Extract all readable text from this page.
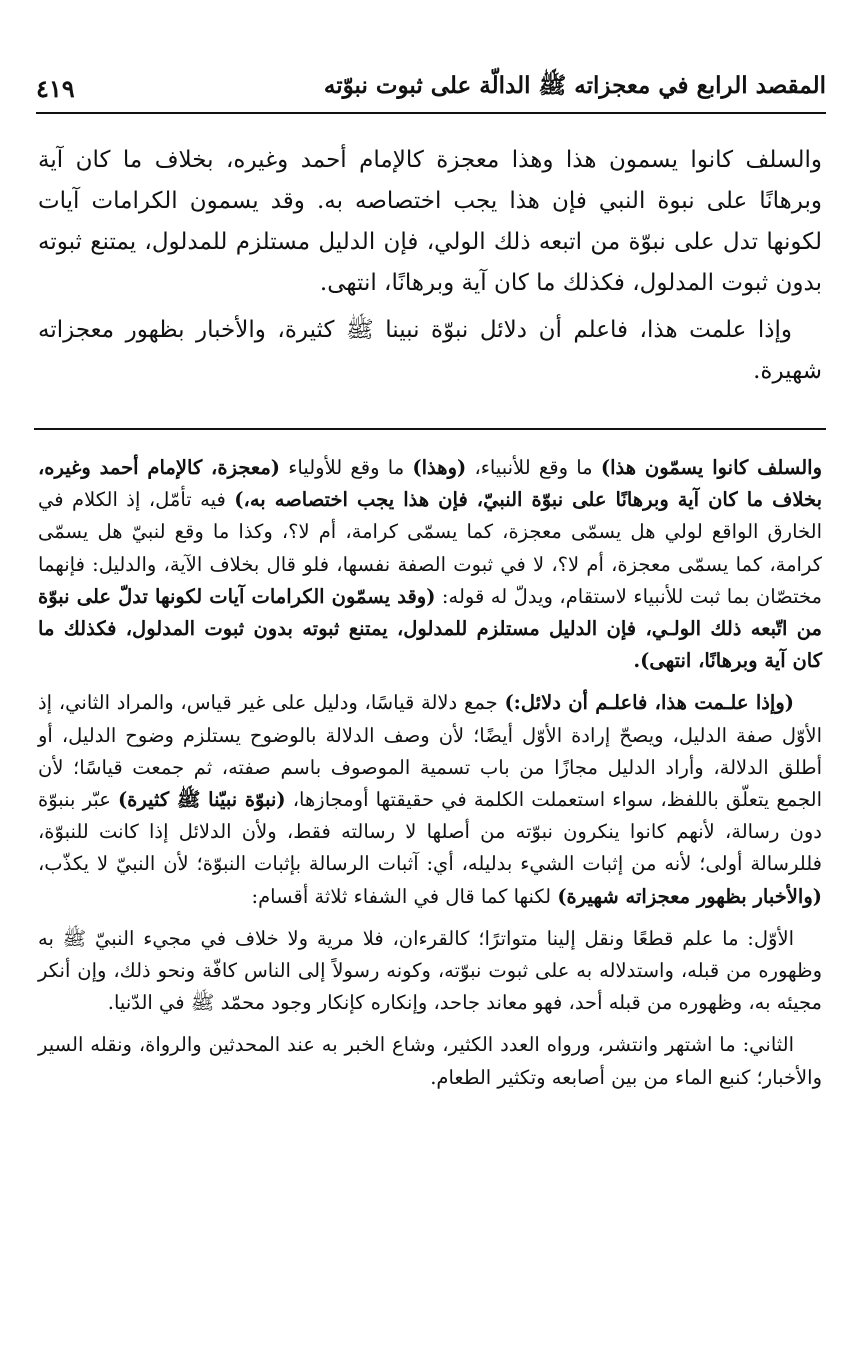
المقصد الرابع في معجزاته ﷺ الدالّة على ثبوت نبوّته
٤١٩

والسلف كانوا يسمون هذا وهذا معجزة كالإمام أحمد وغيره، بخلاف ما كان آية وبرهانًا على نبوة النبي فإن هذا يجب اختصاصه به. وقد يسمون الكرامات آيات لكونها تدل على نبوّة من اتبعه ذلك الولي، فإن الدليل مستلزم للمدلول، يمتنع ثبوته بدون ثبوت المدلول، فكذلك ما كان آية وبرهانًا، انتهى.

وإذا علمت هذا، فاعلم أن دلائل نبوّة نبينا ﷺ كثيرة، والأخبار بظهور معجزاته شهيرة.

والسلف كانوا يسمّون هذا) ما وقع للأنبياء، (وهذا) ما وقع للأولياء (معجزة، كالإمام أحمد وغيره، بخلاف ما كان آية وبرهانًا على نبوّة النبيّ، فإن هذا يجب اختصاصه به،) فيه تأمّل، إذ الكلام في الخارق الواقع لولي هل يسمّى معجزة، كما يسمّى كرامة، أم لا؟، وكذا ما وقع لنبيّ هل يسمّى كرامة، كما يسمّى معجزة، أم لا؟، لا في ثبوت الصفة نفسها، فلو قال بخلاف الآية، والدليل: فإنهما مختصّان بما ثبت للأنبياء لاستقام، ويدلّ له قوله: (وقد يسمّون الكرامات آيات لكونها تدلّ على نبوّة من اتّبعه ذلك الولـي، فإن الدليل مستلزم للمدلول، يمتنع ثبوته بدون ثبوت المدلول، فكذلك ما كان آية وبرهانًا، انتهى).

(وإذا علـمت هذا، فاعلـم أن دلائل:) جمع دلالة قياسًا، ودليل على غير قياس، والمراد الثاني، إذ الأوّل صفة الدليل، ويصحّ إرادة الأوّل أيضًا؛ لأن وصف الدلالة بالوضوح يستلزم وضوح الدليل، أو أطلق الدلالة، وأراد الدليل مجازًا من باب تسمية الموصوف باسم صفته، ثم جمعت قياسًا؛ لأن الجمع يتعلّق باللفظ، سواء استعملت الكلمة في حقيقتها أومجازها، (نبوّة نبيّنا ﷺ كثيرة) عبّر بنبوّة دون رسالة، لأنهم كانوا ينكرون نبوّته من أصلها لا رسالته فقط، ولأن الدلائل إذا كانت للنبوّة، فللرسالة أولى؛ لأنه من إثبات الشيء بدليله، أي: آثبات الرسالة بإثبات النبوّة؛ لأن النبيّ لا يكذّب، (والأخبار بظهور معجزاته شهيرة) لكنها كما قال في الشفاء ثلاثة أقسام:

الأوّل: ما علم قطعًا ونقل إلينا متواترًا؛ كالقرءان، فلا مرية ولا خلاف في مجيء النبيّ ﷺ به وظهوره من قبله، واستدلاله به على ثبوت نبوّته، وكونه رسولاً إلى الناس كافّة ونحو ذلك، وإن أنكر مجيئه به، وظهوره من قبله أحد، فهو معاند جاحد، وإنكاره كإنكار وجود محمّد ﷺ في الدّنيا.

الثاني: ما اشتهر وانتشر، ورواه العدد الكثير، وشاع الخبر به عند المحدثين والرواة، ونقله السير والأخبار؛ كنبع الماء من بين أصابعه وتكثير الطعام.
